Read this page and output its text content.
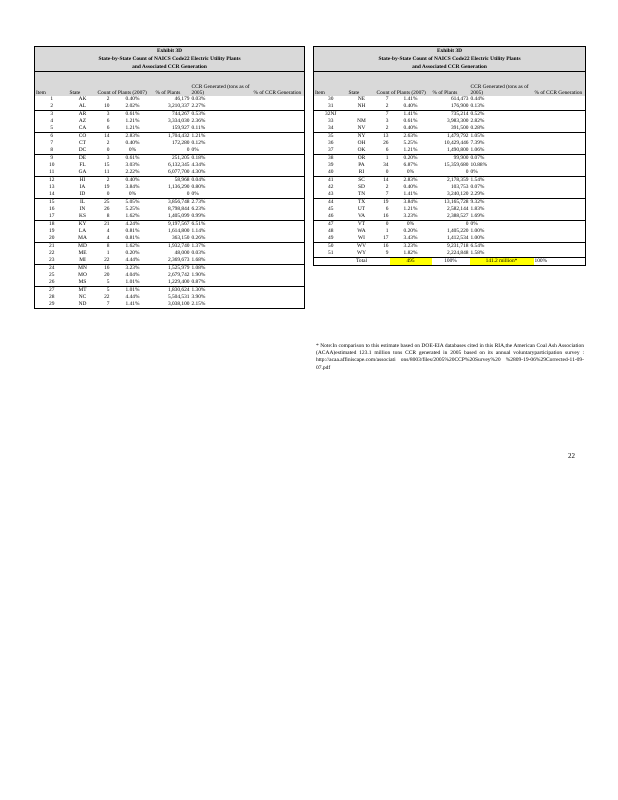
Exhibit 3D
State-by-State Count of NAICS Code22 Electric Utility Plants
and Associated CCR Generation						
Item	State	Count of Plants (2007)		% of Plants	CCR Generated (tons as of 2005)	% of CCR Generation
1	AK	2	0.40%	46,179	0.03%	
2	AL	10	2.02%	3,210,337	2.27%	
3	AR	3	0.61%	744,267	0.53%	
4	AZ	6	1.21%	3,334,030	2.36%	
5	CA	6	1.21%	159,927	0.11%	
6	CO	14	2.83%	1,704,432	1.21%	
7	CT	2	0.40%	172,280	0.12%	
8	DC	0	0%	0	0%	
9	DE	3	0.61%	251,205	0.18%	
10	FL	15	3.03%	6,132,345	4.34%	
11	GA	11	2.22%	6,077,700	4.30%	
12	HI	2	0.40%	58,968	0.04%	
13	IA	19	3.84%	1,136,290	0.80%	
14	ID	0	0%	0	0%	
15	IL	25	5.05%	3,856,748	2.73%	
16	IN	26	5.25%	8,798,844	6.23%	
17	KS	8	1.62%	1,405,099	0.99%	
18	KY	21	4.24%	9,197,567	6.51%	
19	LA	4	0.81%	1,614,800	1.14%	
20	MA	4	0.81%	363,150	0.26%	
21	MD	8	1.62%	1,932,740	1.37%	
22	ME	1	0.20%	48,000	0.03%	
23	MI	22	4.44%	2,369,673	1.68%	
24	MN	16	3.23%	1,525,979	1.08%	
25	MO	20	4.04%	2,679,742	1.90%	
26	MS	5	1.01%	1,229,400	0.87%	
27	MT	5	1.01%	1,830,624	1.30%	
28	NC	22	4.44%	5,504,531	3.90%	
29	ND	7	1.41%	3,038,100	2.15%	
Exhibit 3D
State-by-State Count of NAICS Code22 Electric Utility Plants
and Associated CCR Generation						
Item	State	Count of Plants (2007)		% of Plants	CCR Generated (tons as of 2005)	% of CCR Generation
30	NE	7	1.41%	614,473	0.44%	
31	NH	2	0.40%	176,900	0.13%	
32NJ		7	1.41%	735,214	0.52%	
33	NM	3	0.61%	3,983,300	2.82%	
34	NV	2	0.40%	391,500	0.28%	
35	NY	13	2.63%	1,479,792	1.05%	
36	OH	26	5.25%	10,429,446	7.39%	
37	OK	6	1.21%	1,490,800	1.06%	
38	OR	1	0.20%	99,900	0.07%	
39	PA	34	6.87%	15,359,680	10.88%	
40	RI	0	0%	0	0%	
41	SC	14	2.83%	2,178,359	1.54%	
42	SD	2	0.40%	103,753	0.07%	
43	TN	7	1.41%	3,240,120	2.29%	
44	TX	19	3.84%	13,165,728	9.32%	
45	UT	6	1.21%	2,582,144	1.83%	
46	VA	16	3.23%	2,388,527	1.69%	
47	VT	0	0%	0	0%	
48	WA	1	0.20%	1,405,220	1.00%	
49	WI	17	3.43%	1,412,534	1.00%	
50	WV	16	3.23%	9,231,718	6.54%	
51	WY	9	1.82%	2,224,848	1.58%	
	Total		495	100%	141.2 million*	100%
* Note:In comparison to this estimate based on DOE-EIA databases cited in this RIA,the American Coal Ash Association (ACAA)estimated 123.1 million tons CCR generated in 2005 based on its annual voluntaryparticipation survey : http://acaa.affiniscape.com/associati ons/8003/files/2005%20CCP%20Survey%20 %2809-19-06%29Corrected-11-09-07.pdf
22
